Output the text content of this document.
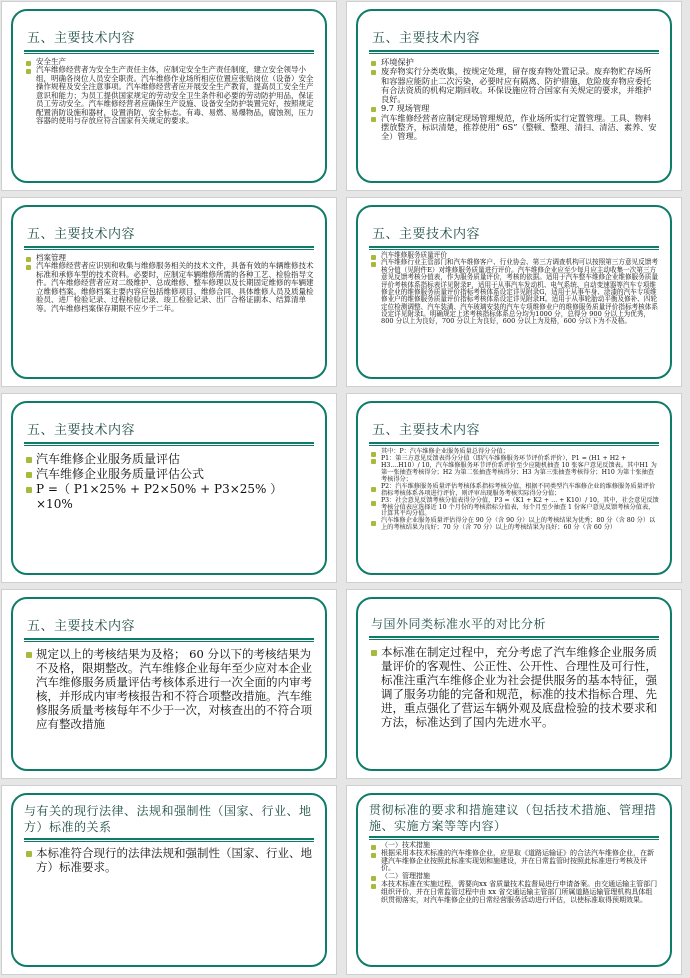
五、主要技术内容

安全生产

汽车维修经营者为安全生产责任主体，应制定安全生产责任制度，建立安全领导小组，明确各岗位人员安全职责。汽车维修作业场所相应位置应张贴岗位（设备）安全操作规程及安全注意事项。汽车维修经营者应开展安全生产教育，提高员工安全生产意识和能力；为员工提供国家规定的劳动安全卫生条件和必要的劳动防护用品，保证员工劳动安全。汽车维修经营者应确保生产设施、设备安全防护装置完好，按照规定配置消防设施和器材，设置消防、安全标志。有毒、易燃、易爆物品，腐蚀剂，压力容器的使用与存放应符合国家有关规定的要求。

五、主要技术内容

环境保护

废弃物实行分类收集，按规定处理，留存废弃物处置记录。废弃物贮存场所和容器应能防止二次污染，必要时应有隔离、防护措施，危险废弃物应委托有合法资质的机构定期回收。环保设施应符合国家有关规定的要求，并维护良好。

9.7 现场管理

汽车维修经营者应制定现场管理规范，作业场所实行定置管理。工具、物料摆放整齐，标识清楚，推荐使用“ 6S”（整顿、整理、清扫、清洁、素养、安全）管理。

五、主要技术内容

档案管理

汽车维修经营者应识别和收集与维修服务相关的技术文件，具备有效的车辆维修技术标准和承修车型的技术资料。必要时，应制定车辆维修所需的各种工艺、检验指导文件。汽车维修经营者应对二级维护、总成维修、整车修理以及长期固定维修的车辆建立维修档案。维修档案主要内容应包括维修项目、维修合同、具体维修人员及质量检验员、进厂检验记录、过程检验记录、竣工检验记录、出厂合格证副本、结算清单等。汽车维修档案保存期限不应少于二年。

五、主要技术内容

汽车维修服务质量评价

汽车维修行业主管部门和汽车维修客户、行业协会、第三方调查机构可以按照第三方意见反馈考核分值（见附件E）对维修服务质量进行评价。汽车维修企业应至少每月应主动收集一次第三方意见反馈考核分值表，作为服务质量评价，考核的依据。适用于汽车整车维修企业维修服务质量评价考核体系指标表详见附录F，适用于从事汽车发动机、电气系统、自动变速器等汽车专项维修企业的维修服务质量评价指标考核体系设定详见附录G，适用于从事车身、涂漆的汽车专项维修业户的维修服务质量评价指标考核体系设定详见附录H。适用于从事轮胎动平衡及修补、四轮定位检测调整、汽车装潢、汽车玻璃安装的汽车专项维修业户的维修服务质量评价指标考核体系设定详见附录I。明确规定上述考核指标体系总分均为1000 分，总得分 900 分以上为优秀，800 分以上为良好，700 分以上为良好，600 分以上为及格，600 分以下为不及格。

五、主要技术内容

汽车维修企业服务质量评估

汽车维修企业服务质量评估公式

P =（ P1×25% + P2×50% + P3×25% ）×10%

五、主要技术内容

其中：P：汽车维修企业服务质量总得分分值；

P1：第三方意见反馈表得分分值（即汽车维修服务环节评价系评价），P1 = (H1 + H2 + H3....H10）/ 10，汽车维修服务环节评价系评价至少应随机抽查 10 张客户意见反馈表。其中H1 为第一张抽查考核得分；H2 为第二张抽查考核得分；H3 为第三张抽查考核得分；H10 为第十张抽查考核得分；

P2：汽车维修服务质量评估考核体系指标考核分值，根据不同类型汽车维修企业的维修服务质量评价指标考核体系各项进行评价，则评审出现服务考核实际得分分值；

P3：社会意见反馈考核分值表得分分值，P3 =（K1 + K2 + … + K10）/ 10，其中，社会意见反馈考核分值表应选择近 10 个月份的考核指标分值表，每个月至少抽查 1 份客户意见反馈考核分值表，计算其平均分值。

汽车维修企业服务质量评估得分在 90 分（含 90 分）以上的考核结果为优秀；80 分（含 80 分）以上的考核结果为良好；70 分（含 70 分）以上的考核结果为良好；60 分（含 60 分）

五、主要技术内容

规定以上的考核结果为及格； 60 分以下的考核结果为不及格，限期整改。汽车维修企业每年至少应对本企业汽车维修服务质量评估考核体系进行一次全面的内审考核，并形成内审考核报告和不符合项整改措施。汽车维修服务质量考核每年不少于一次，对核查出的不符合项应有整改措施

与国外同类标准水平的对比分析

本标准在制定过程中，充分考虑了汽车维修企业服务质量评价的客观性、公正性、公开性、合理性及可行性，标准注重汽车维修企业为社会提供服务的基本特征，强调了服务功能的完备和规范，标准的技术指标合理、先进，重点强化了营运车辆外观及底盘检验的技术要求和方法，标准达到了国内先进水平。

与有关的现行法律、法规和强制性（国家、行业、地方）标准的关系

本标准符合现行的法律法规和强制性（国家、行业、地方）标准要求。

贯彻标准的要求和措施建议（包括技术措施、管理措施、实施方案等等内容）

（一）技术措施

根据采用本技术标准的汽车维修企业，应是取《道路运输证》的合法汽车维修企业，在新建汽车维修企业按照此标准实现划和施建设，并在日常监管时按照此标准进行考核及评价。

（二）管理措施

本技术标准在实施过程，需要向xx 省质量技术监督局进行申请备案。由交通运输主管部门组织评价，并在日常监管过程中由 xx 省交通运输主管部门所属道路运输管理机构具体组织贯彻落实，对汽车维修企业的日常经营服务活动进行评估，以使标准取得预期效果。
